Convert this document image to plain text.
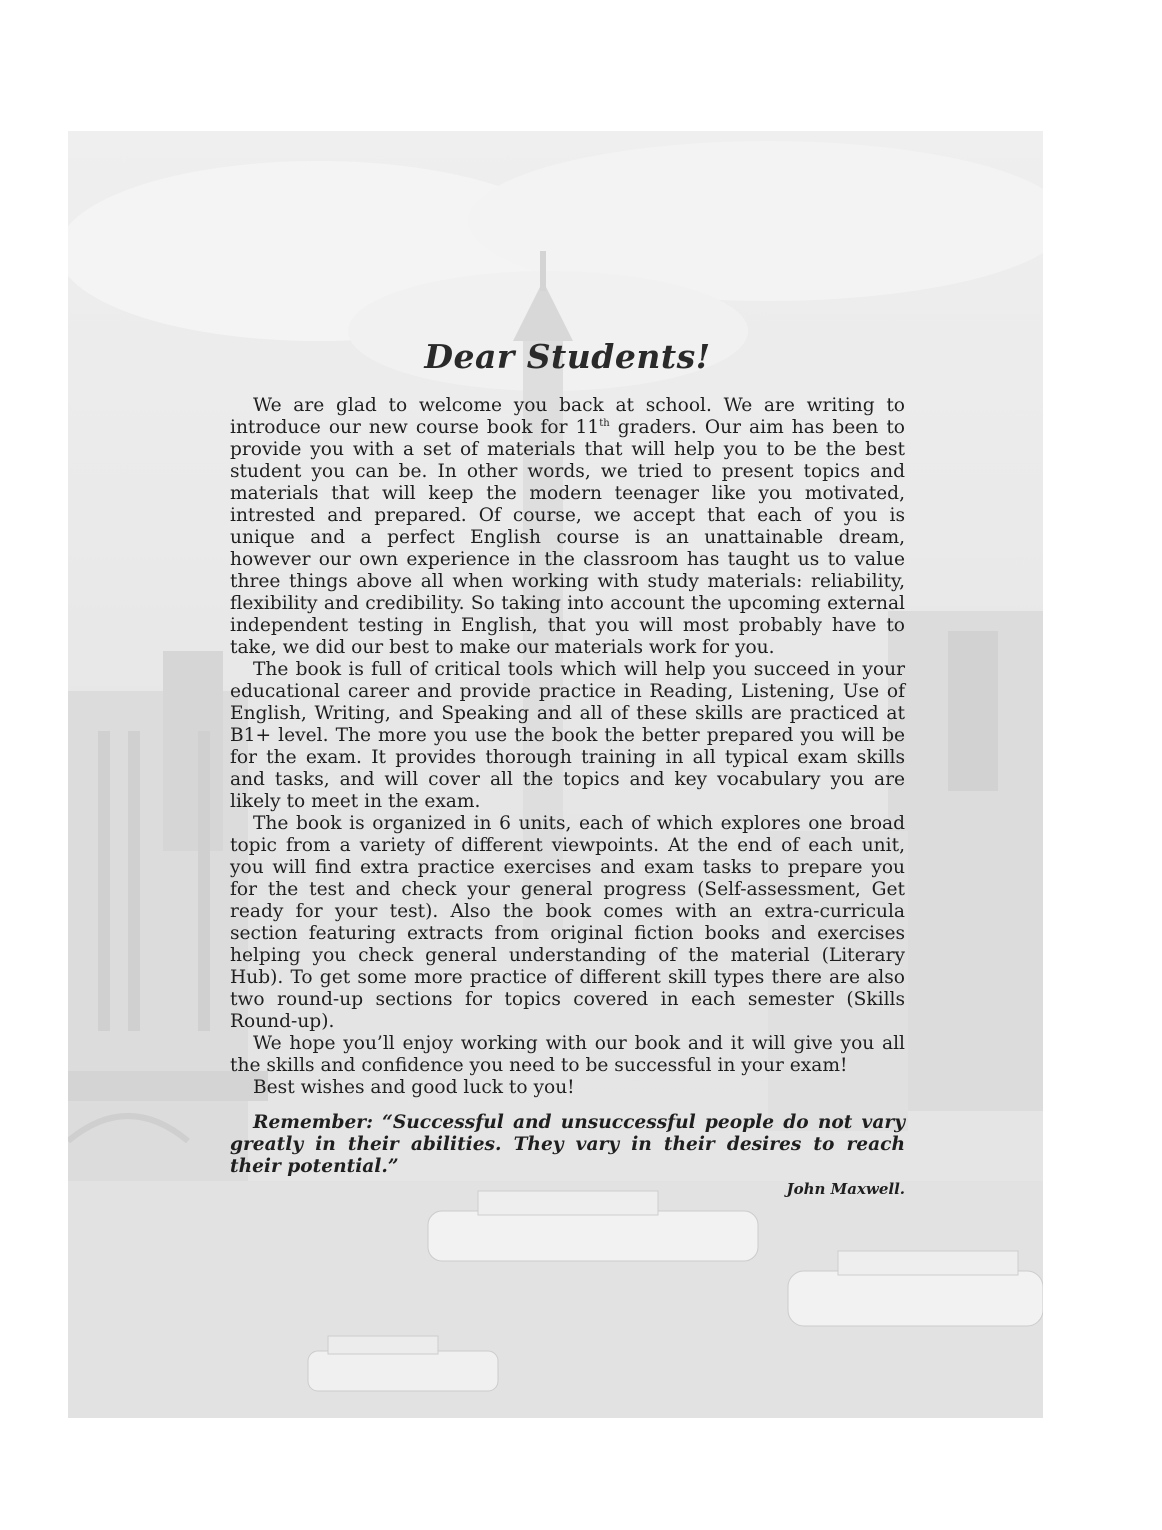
Dear Students!

We are glad to welcome you back at school. We are writing to introduce our new course book for 11th graders. Our aim has been to provide you with a set of materials that will help you to be the best student you can be. In other words, we tried to present topics and materials that will keep the modern teenager like you motivated, intrested and prepared. Of course, we accept that each of you is unique and a perfect English course is an unattainable dream, however our own experience in the classroom has taught us to value three things above all when working with study materials: reliability, flexibility and credibility. So taking into account the upcoming external independent testing in English, that you will most probably have to take, we did our best to make our materials work for you.

The book is full of critical tools which will help you succeed in your educational career and provide practice in Reading, Listening, Use of English, Writing, and Speaking and all of these skills are practiced at B1+ level. The more you use the book the better prepared you will be for the exam. It provides thorough training in all typical exam skills and tasks, and will cover all the topics and key vocabulary you are likely to meet in the exam.

The book is organized in 6 units, each of which explores one broad topic from a variety of different viewpoints. At the end of each unit, you will find extra practice exercises and exam tasks to prepare you for the test and check your general progress (Self-assessment, Get ready for your test). Also the book comes with an extra-curricula section featuring extracts from original fiction books and exercises helping you check general understanding of the material (Literary Hub). To get some more practice of different skill types there are also two round-up sections for topics covered in each semester (Skills Round-up).

We hope you’ll enjoy working with our book and it will give you all the skills and confidence you need to be successful in your exam!

Best wishes and good luck to you!

Remember: “Successful and unsuccessful people do not vary greatly in their abilities. They vary in their desires to reach their potential.”

John Maxwell.
